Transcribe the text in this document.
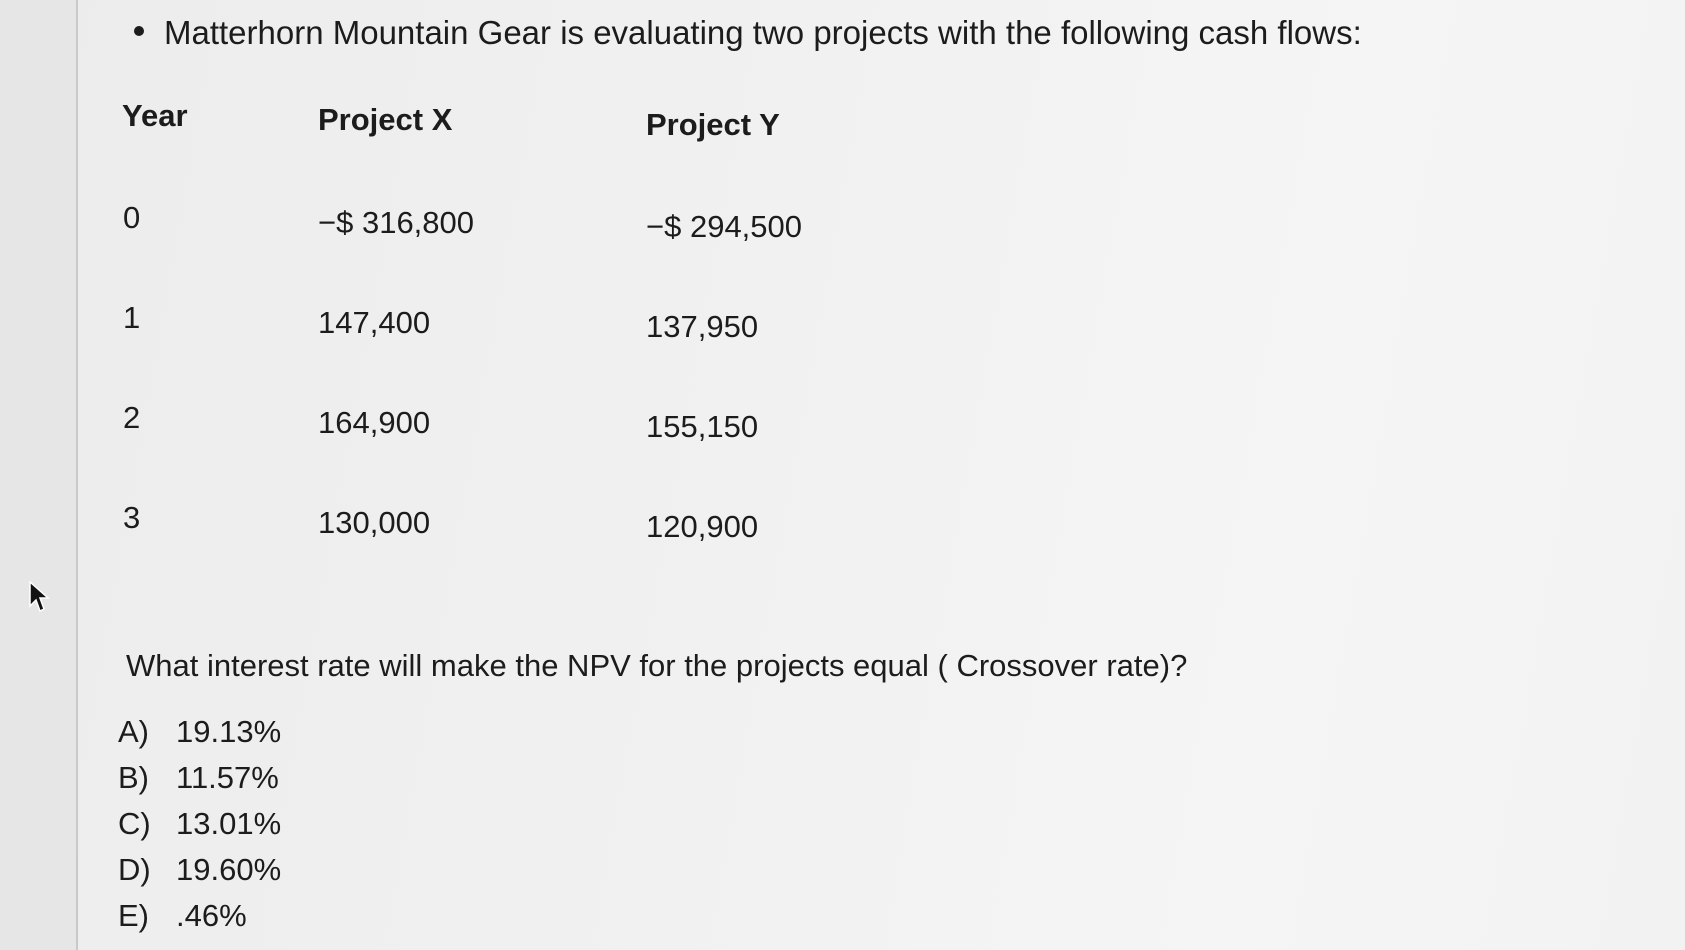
Matterhorn Mountain Gear is evaluating two projects with the following cash flows:
Year	Project X	Project Y
0	−$ 316,800	−$ 294,500
1	147,400	137,950
2	164,900	155,150
3	130,000	120,900
What interest rate will make the NPV for the projects equal ( Crossover rate)?
A) 19.13%
B) 11.57%
C) 13.01%
D) 19.60%
E) .46%
